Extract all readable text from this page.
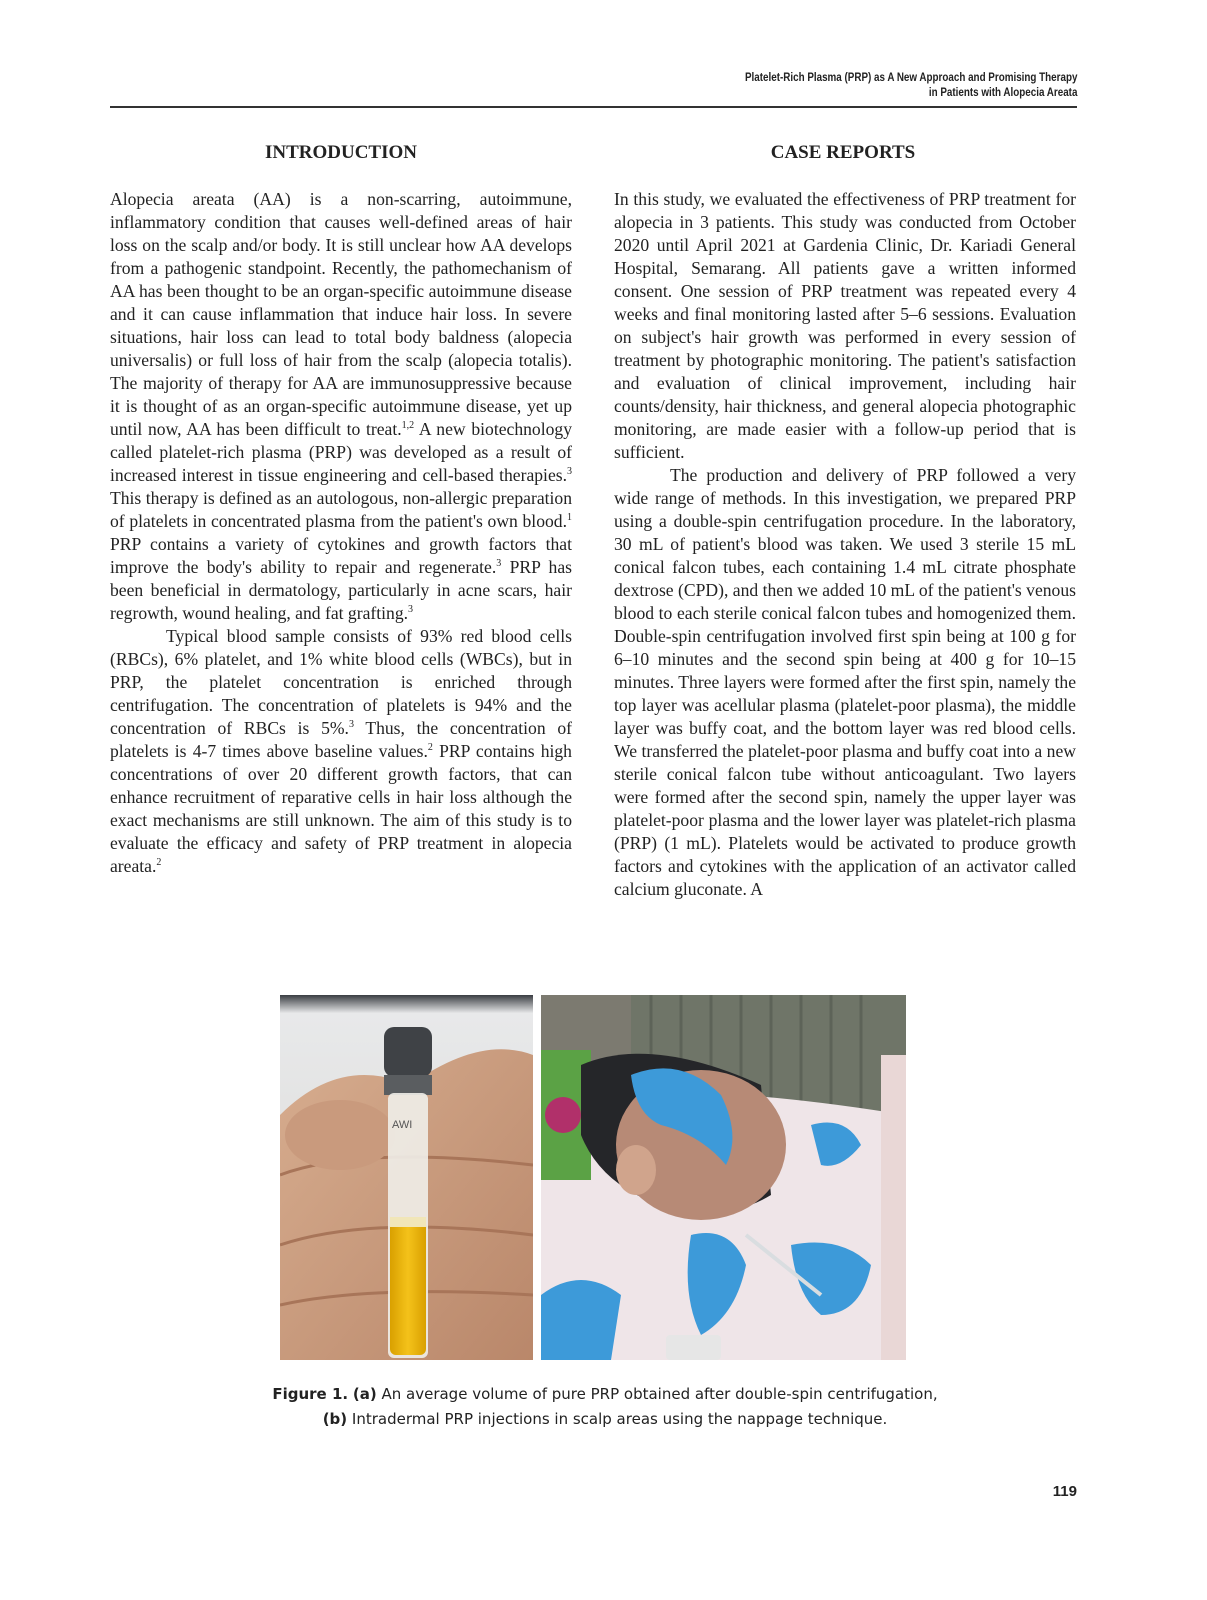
Platelet-Rich Plasma (PRP) as A New Approach and Promising Therapy
in Patients with Alopecia Areata
INTRODUCTION	CASE REPORTS

Alopecia areata (AA) is a non-scarring, autoimmune, inflammatory condition that causes well-defined areas of hair loss on the scalp and/or body. It is still unclear how AA develops from a pathogenic standpoint. Recently, the pathomechanism of AA has been thought to be an organ-specific autoimmune disease and it can cause inflammation that induce hair loss. In severe situations, hair loss can lead to total body baldness (alopecia universalis) or full loss of hair from the scalp (alopecia totalis). The majority of therapy for AA are immunosuppressive because it is thought of as an organ-specific autoimmune disease, yet up until now, AA has been difficult to treat.$^{1,2}$ A new biotechnology called platelet-rich plasma (PRP) was developed as a result of increased interest in tissue engineering and cell-based therapies.$^3$ This therapy is defined as an autologous, non-allergic preparation of platelets in concentrated plasma from the patient's own blood.$^1$ PRP contains a variety of cytokines and growth factors that improve the body's ability to repair and regenerate.$^3$ PRP has been beneficial in dermatology, particularly in acne scars, hair regrowth, wound healing, and fat grafting.$^3$

Typical blood sample consists of 93% red blood cells (RBCs), 6% platelet, and 1% white blood cells (WBCs), but in PRP, the platelet concentration is enriched through centrifugation. The concentration of platelets is 94% and the concentration of RBCs is 5%.$^3$ Thus, the concentration of platelets is 4-7 times above baseline values.$^2$ PRP contains high concentrations of over 20 different growth factors, that can enhance recruitment of reparative cells in hair loss although the exact mechanisms are still unknown. The aim of this study is to evaluate the efficacy and safety of PRP treatment in alopecia areata.$^2$

In this study, we evaluated the effectiveness of PRP treatment for alopecia in 3 patients. This study was conducted from October 2020 until April 2021 at Gardenia Clinic, Dr. Kariadi General Hospital, Semarang. All patients gave a written informed consent. One session of PRP treatment was repeated every 4 weeks and final monitoring lasted after 5–6 sessions. Evaluation on subject's hair growth was performed in every session of treatment by photographic monitoring. The patient's satisfaction and evaluation of clinical improvement, including hair counts/density, hair thickness, and general alopecia photographic monitoring, are made easier with a follow-up period that is sufficient.

The production and delivery of PRP followed a very wide range of methods. In this investigation, we prepared PRP using a double-spin centrifugation procedure. In the laboratory, 30 mL of patient's blood was taken. We used 3 sterile 15 mL conical falcon tubes, each containing 1.4 mL citrate phosphate dextrose (CPD), and then we added 10 mL of the patient's venous blood to each sterile conical falcon tubes and homogenized them. Double-spin centrifugation involved first spin being at 100 g for 6–10 minutes and the second spin being at 400 g for 10–15 minutes. Three layers were formed after the first spin, namely the top layer was acellular plasma (platelet-poor plasma), the middle layer was buffy coat, and the bottom layer was red blood cells. We transferred the platelet-poor plasma and buffy coat into a new sterile conical falcon tube without anticoagulant. Two layers were formed after the second spin, namely the upper layer was platelet-poor plasma and the lower layer was platelet-rich plasma (PRP) (1 mL). Platelets would be activated to produce growth factors and cytokines with the application of an activator called calcium gluconate. A

AWI
Figure 1. (a) An average volume of pure PRP obtained after double-spin centrifugation,
(b) Intradermal PRP injections in scalp areas using the nappage technique.
119
